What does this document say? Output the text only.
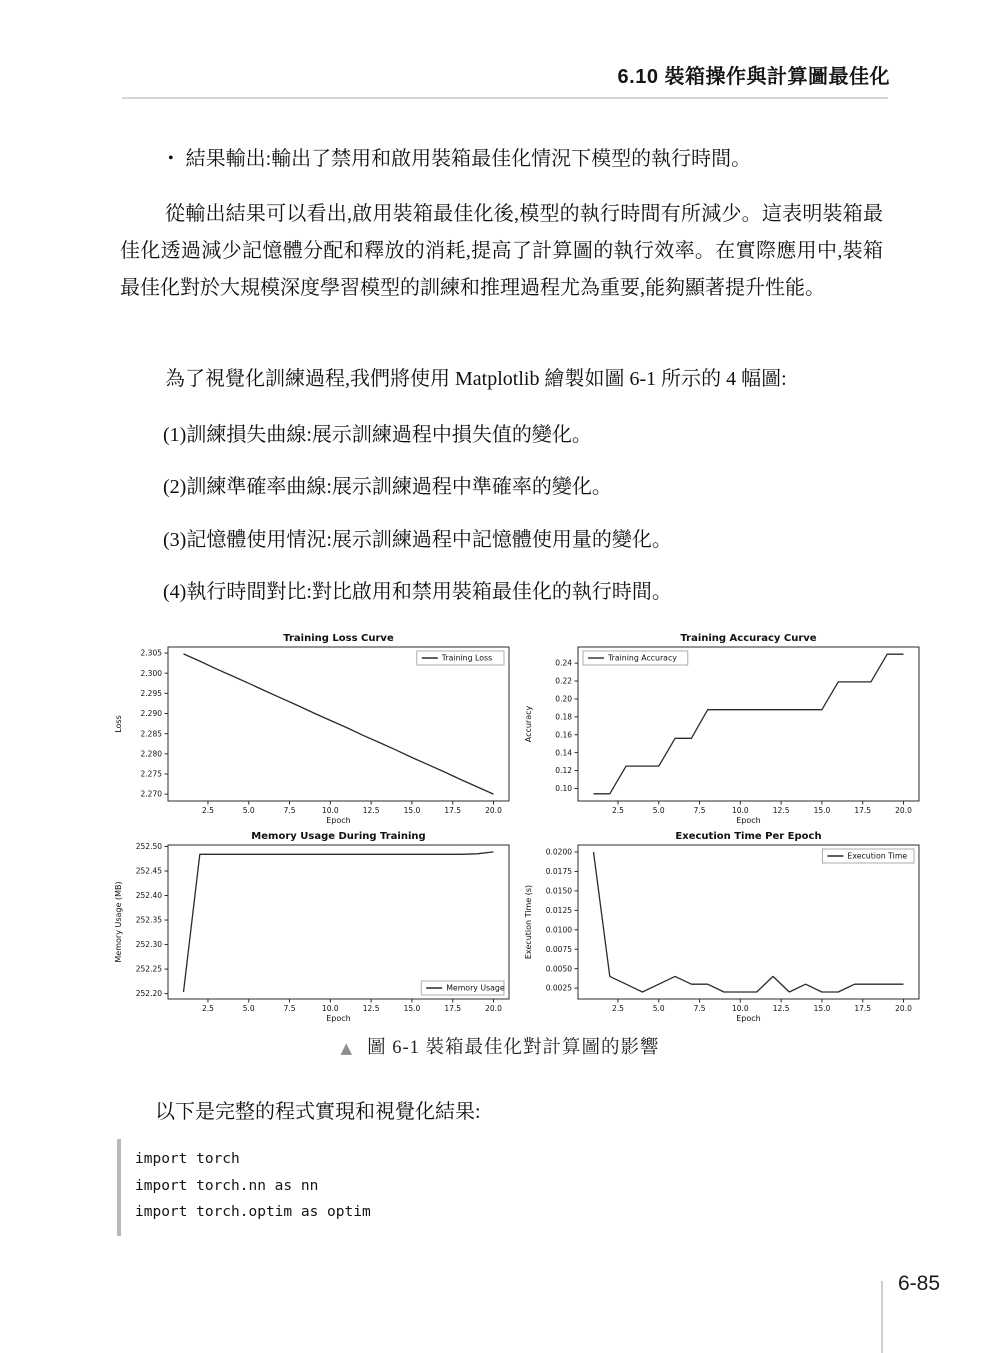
6.10 裝箱操作與計算圖最佳化
• 結果輸出:輸出了禁用和啟用裝箱最佳化情況下模型的執行時間。

從輸出結果可以看出,啟用裝箱最佳化後,模型的執行時間有所減少。這表明裝箱最佳化透過減少記憶體分配和釋放的消耗,提高了計算圖的執行效率。在實際應用中,裝箱最佳化對於大規模深度學習模型的訓練和推理過程尤為重要,能夠顯著提升性能。

為了視覺化訓練過程,我們將使用 Matplotlib 繪製如圖 6-1 所示的 4 幅圖:

(1)訓練損失曲線:展示訓練過程中損失值的變化。
(2)訓練準確率曲線:展示訓練過程中準確率的變化。
(3)記憶體使用情況:展示訓練過程中記憶體使用量的變化。
(4)執行時間對比:對比啟用和禁用裝箱最佳化的執行時間。
Training Loss Curve
2.270
2.275
2.280
2.285
2.290
2.295
2.300
2.305
2.5	5.0	7.5	10.0	12.5	15.0	17.5	20.0
Epoch
Loss
Training Loss
Training Accuracy Curve
0.10
0.12
0.14
0.16
0.18
0.20
0.22
0.24
2.5	5.0	7.5	10.0	12.5	15.0	17.5	20.0
Epoch
Accuracy
Training Accuracy
Memory Usage During Training
252.20
252.25
252.30
252.35
252.40
252.45
252.50
2.5	5.0	7.5	10.0	12.5	15.0	17.5	20.0
Epoch
Memory Usage (MB)
Memory Usage
Execution Time Per Epoch
0.0025
0.0050
0.0075
0.0100
0.0125
0.0150
0.0175
0.0200
2.5	5.0	7.5	10.0	12.5	15.0	17.5	20.0
Epoch
Execution Time (s)
Execution Time
▲ 圖 6-1 裝箱最佳化對計算圖的影響

以下是完整的程式實現和視覺化結果:

import torch
import torch.nn as nn
import torch.optim as optim
6-85
